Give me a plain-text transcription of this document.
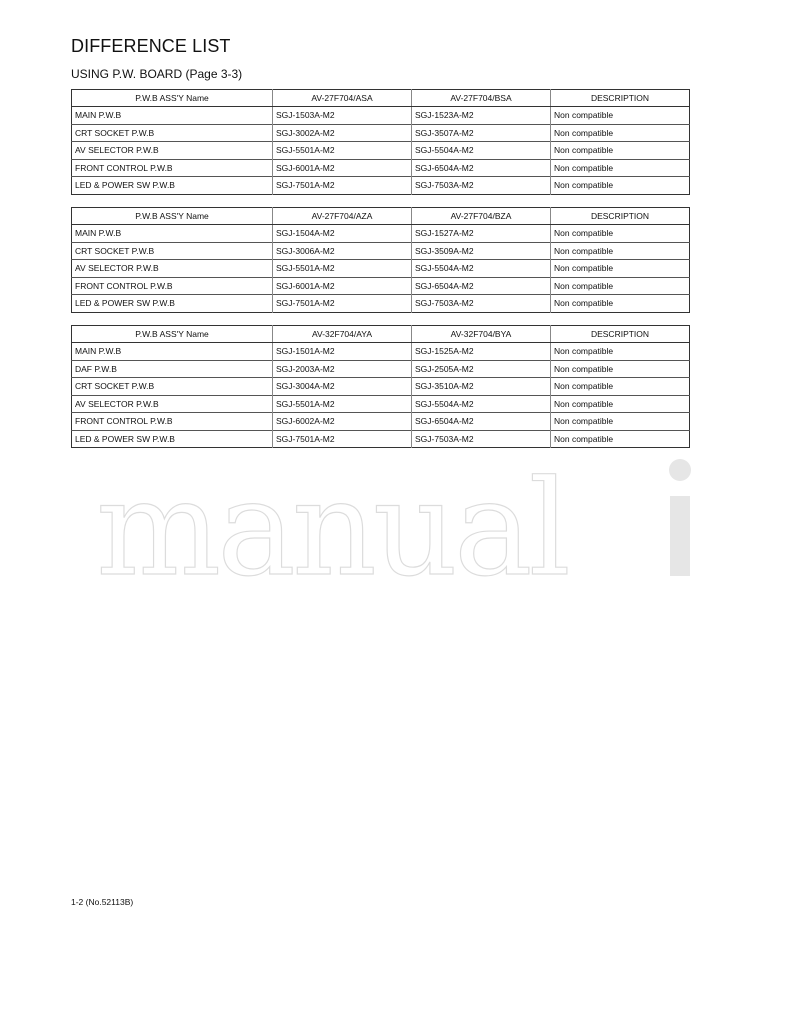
DIFFERENCE LIST
USING P.W. BOARD (Page 3-3)
P.W.B ASS'Y Name	AV-27F704/ASA	AV-27F704/BSA	DESCRIPTION
MAIN P.W.B	SGJ-1503A-M2	SGJ-1523A-M2	Non compatible
CRT SOCKET P.W.B	SGJ-3002A-M2	SGJ-3507A-M2	Non compatible
AV SELECTOR P.W.B	SGJ-5501A-M2	SGJ-5504A-M2	Non compatible
FRONT CONTROL P.W.B	SGJ-6001A-M2	SGJ-6504A-M2	Non compatible
LED & POWER SW P.W.B	SGJ-7501A-M2	SGJ-7503A-M2	Non compatible
P.W.B ASS'Y Name	AV-27F704/AZA	AV-27F704/BZA	DESCRIPTION
MAIN P.W.B	SGJ-1504A-M2	SGJ-1527A-M2	Non compatible
CRT SOCKET P.W.B	SGJ-3006A-M2	SGJ-3509A-M2	Non compatible
AV SELECTOR P.W.B	SGJ-5501A-M2	SGJ-5504A-M2	Non compatible
FRONT CONTROL P.W.B	SGJ-6001A-M2	SGJ-6504A-M2	Non compatible
LED & POWER SW P.W.B	SGJ-7501A-M2	SGJ-7503A-M2	Non compatible
P.W.B ASS'Y Name	AV-32F704/AYA	AV-32F704/BYA	DESCRIPTION
MAIN P.W.B	SGJ-1501A-M2	SGJ-1525A-M2	Non compatible
DAF P.W.B	SGJ-2003A-M2	SGJ-2505A-M2	Non compatible
CRT SOCKET P.W.B	SGJ-3004A-M2	SGJ-3510A-M2	Non compatible
AV SELECTOR P.W.B	SGJ-5501A-M2	SGJ-5504A-M2	Non compatible
FRONT CONTROL P.W.B	SGJ-6002A-M2	SGJ-6504A-M2	Non compatible
LED & POWER SW P.W.B	SGJ-7501A-M2	SGJ-7503A-M2	Non compatible
manual
1-2 (No.52113B)
